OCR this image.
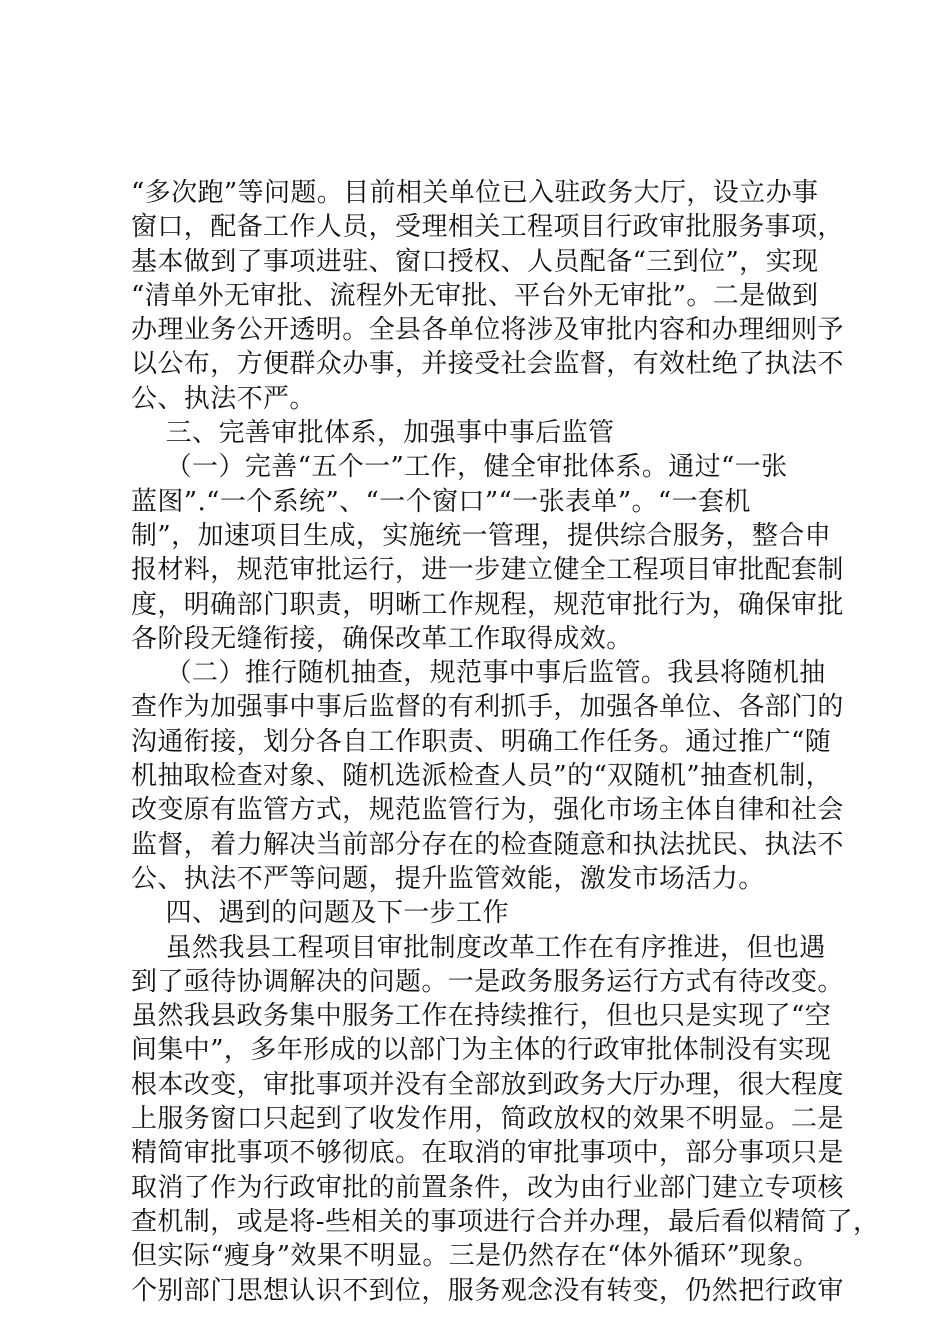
“多次跑”等问题。目前相关单位已入驻政务大厅，设立办事
窗口，配备工作人员，受理相关工程项目行政审批服务事项，
基本做到了事项进驻、窗口授权、人员配备“三到位”，实现
“清单外无审批、流程外无审批、平台外无审批”。二是做到
办理业务公开透明。全县各单位将涉及审批内容和办理细则予
以公布，方便群众办事，并接受社会监督，有效杜绝了执法不
公、执法不严。
三、完善审批体系，加强事中事后监管
（一）完善“五个一”工作，健全审批体系。通过“一张
蓝图”.“一个系统”、“一个窗口”“一张表单”。“一套机
制”，加速项目生成，实施统一管理，提供综合服务，整合申
报材料，规范审批运行，进一步建立健全工程项目审批配套制
度，明确部门职责，明晰工作规程，规范审批行为，确保审批
各阶段无缝衔接，确保改革工作取得成效。
（二）推行随机抽查，规范事中事后监管。我县将随机抽
查作为加强事中事后监督的有利抓手，加强各单位、各部门的
沟通衔接，划分各自工作职责、明确工作任务。通过推广“随
机抽取检查对象、随机选派检查人员”的“双随机”抽查机制，
改变原有监管方式，规范监管行为，强化市场主体自律和社会
监督，着力解决当前部分存在的检查随意和执法扰民、执法不
公、执法不严等问题，提升监管效能，激发市场活力。
四、遇到的问题及下一步工作
虽然我县工程项目审批制度改革工作在有序推进，但也遇
到了亟待协调解决的问题。一是政务服务运行方式有待改变。
虽然我县政务集中服务工作在持续推行，但也只是实现了“空
间集中”，多年形成的以部门为主体的行政审批体制没有实现
根本改变，审批事项并没有全部放到政务大厅办理，很大程度
上服务窗口只起到了收发作用，简政放权的效果不明显。二是
精简审批事项不够彻底。在取消的审批事项中，部分事项只是
取消了作为行政审批的前置条件，改为由行业部门建立专项核
查机制，或是将-些相关的事项进行合并办理，最后看似精简了，
但实际“瘦身”效果不明显。三是仍然存在“体外循环”现象。
个别部门思想认识不到位，服务观念没有转变，仍然把行政审
